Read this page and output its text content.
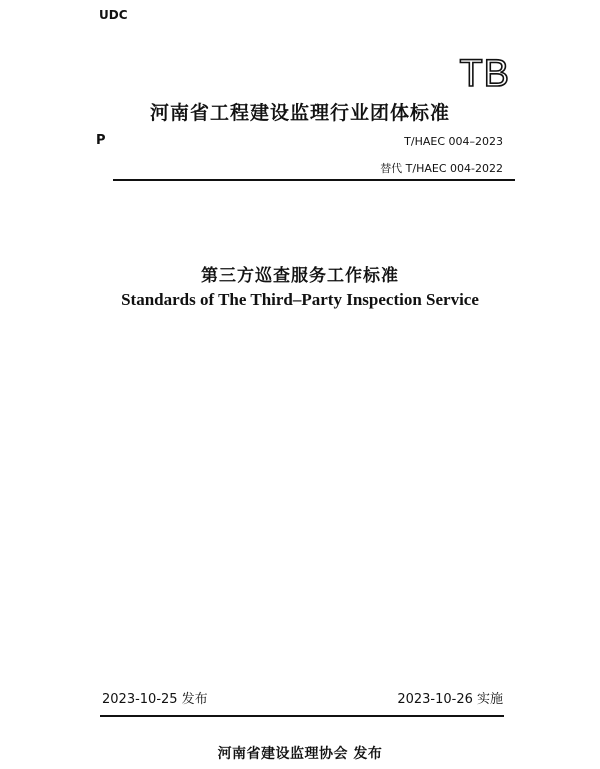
UDC
TB
河南省工程建设监理行业团体标准
P	T/HAEC 004–2023
替代 T/HAEC 004-2022
第三方巡查服务工作标准
Standards of The Third–Party Inspection Service
2023-10-25 发布	2023-10-26 实施
河南省建设监理协会 发布
